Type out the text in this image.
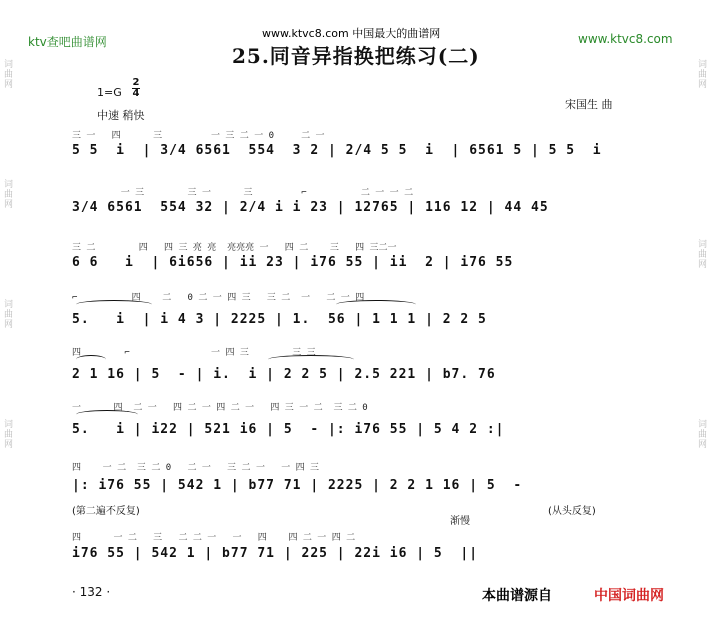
词
曲
网
词
曲
网
词
曲
网
词
曲
网
词
曲
网
词
曲
网
词
曲
网
ktv查吧曲谱网
www.ktvc8.com 中国最大的曲谱网	www.ktvc8.com
25.同音异指换把练习(二)
1=G
2
4
中速 稍快
宋国生 曲
三 一   四      三         一 三 二 一 0     二 一
5 5  i  | 3/4 6561  554  3 2 | 2/4 5 5  i  | 6561 5 | 5 5  i
一 三        三 一      三         ⌐          二 一 一 二
3/4 6561  554 32 | 2/4 i i 23 | 12765 | 116 12 | 44 45
三 二        四   四 三 亮 亮  亮亮亮 一   四 二    三   四 三二一
6 6   i  | 6i656 | ii 23 | i76 55 | ii  2 | i76 55
⌐          四    二   0 二 一 四 三   三 二  一   二 一 四
5.   i  | i 4 3 | 2225 | 1.  56 | 1 1 1 | 2 2 5
四        ⌐               一 四 三        三 三
2 1 16 | 5  - | i.  i | 2 2 5 | 2.5 221 | b7. 76
一      四  二 一   四 二 一 四 二 一   四 三 一 二  三 二 0
5.   i | i22 | 521 i6 | 5  - |: i76 55 | 5 4 2 :|
四    一 二  三 二 0   二 一   三 二 一   一 四 三
|: i76 55 | 542 1 | b77 71 | 2225 | 2 2 1 16 | 5  -
(第二遍不反复)	(从头反复)
渐慢
四      一 二   三   二 二 一   一   四    四 二 一 四 二
i76 55 | 542 1 | b77 71 | 225 | 22i i6 | 5  ||
· 132 ·	本曲谱源自	中国词曲网
